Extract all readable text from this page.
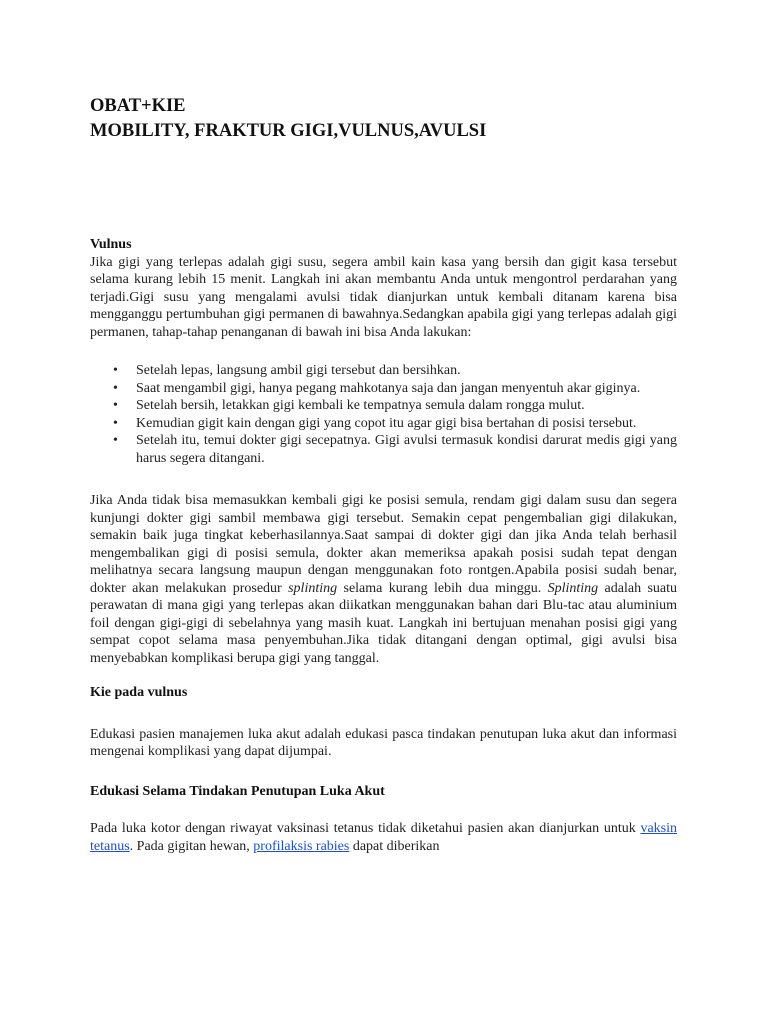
OBAT+KIE

MOBILITY, FRAKTUR GIGI,VULNUS,AVULSI

Vulnus

Jika gigi yang terlepas adalah gigi susu, segera ambil kain kasa yang bersih dan gigit kasa tersebut selama kurang lebih 15 menit. Langkah ini akan membantu Anda untuk mengontrol perdarahan yang terjadi.Gigi susu yang mengalami avulsi tidak dianjurkan untuk kembali ditanam karena bisa mengganggu pertumbuhan gigi permanen di bawahnya.Sedangkan apabila gigi yang terlepas adalah gigi permanen, tahap-tahap penanganan di bawah ini bisa Anda lakukan:

• Setelah lepas, langsung ambil gigi tersebut dan bersihkan.
• Saat mengambil gigi, hanya pegang mahkotanya saja dan jangan menyentuh akar giginya.
• Setelah bersih, letakkan gigi kembali ke tempatnya semula dalam rongga mulut.
• Kemudian gigit kain dengan gigi yang copot itu agar gigi bisa bertahan di posisi tersebut.
• Setelah itu, temui dokter gigi secepatnya. Gigi avulsi termasuk kondisi darurat medis gigi yang harus segera ditangani.

Jika Anda tidak bisa memasukkan kembali gigi ke posisi semula, rendam gigi dalam susu dan segera kunjungi dokter gigi sambil membawa gigi tersebut. Semakin cepat pengembalian gigi dilakukan, semakin baik juga tingkat keberhasilannya.Saat sampai di dokter gigi dan jika Anda telah berhasil mengembalikan gigi di posisi semula, dokter akan memeriksa apakah posisi sudah tepat dengan melihatnya secara langsung maupun dengan menggunakan foto rontgen.Apabila posisi sudah benar, dokter akan melakukan prosedur splinting selama kurang lebih dua minggu. Splinting adalah suatu perawatan di mana gigi yang terlepas akan diikatkan menggunakan bahan dari Blu-tac atau aluminium foil dengan gigi-gigi di sebelahnya yang masih kuat. Langkah ini bertujuan menahan posisi gigi yang sempat copot selama masa penyembuhan.Jika tidak ditangani dengan optimal, gigi avulsi bisa menyebabkan komplikasi berupa gigi yang tanggal.

Kie pada vulnus

Edukasi pasien manajemen luka akut adalah edukasi pasca tindakan penutupan luka akut dan informasi mengenai komplikasi yang dapat dijumpai.

Edukasi Selama Tindakan Penutupan Luka Akut

Pada luka kotor dengan riwayat vaksinasi tetanus tidak diketahui pasien akan dianjurkan untuk vaksin tetanus. Pada gigitan hewan, profilaksis rabies dapat diberikan
